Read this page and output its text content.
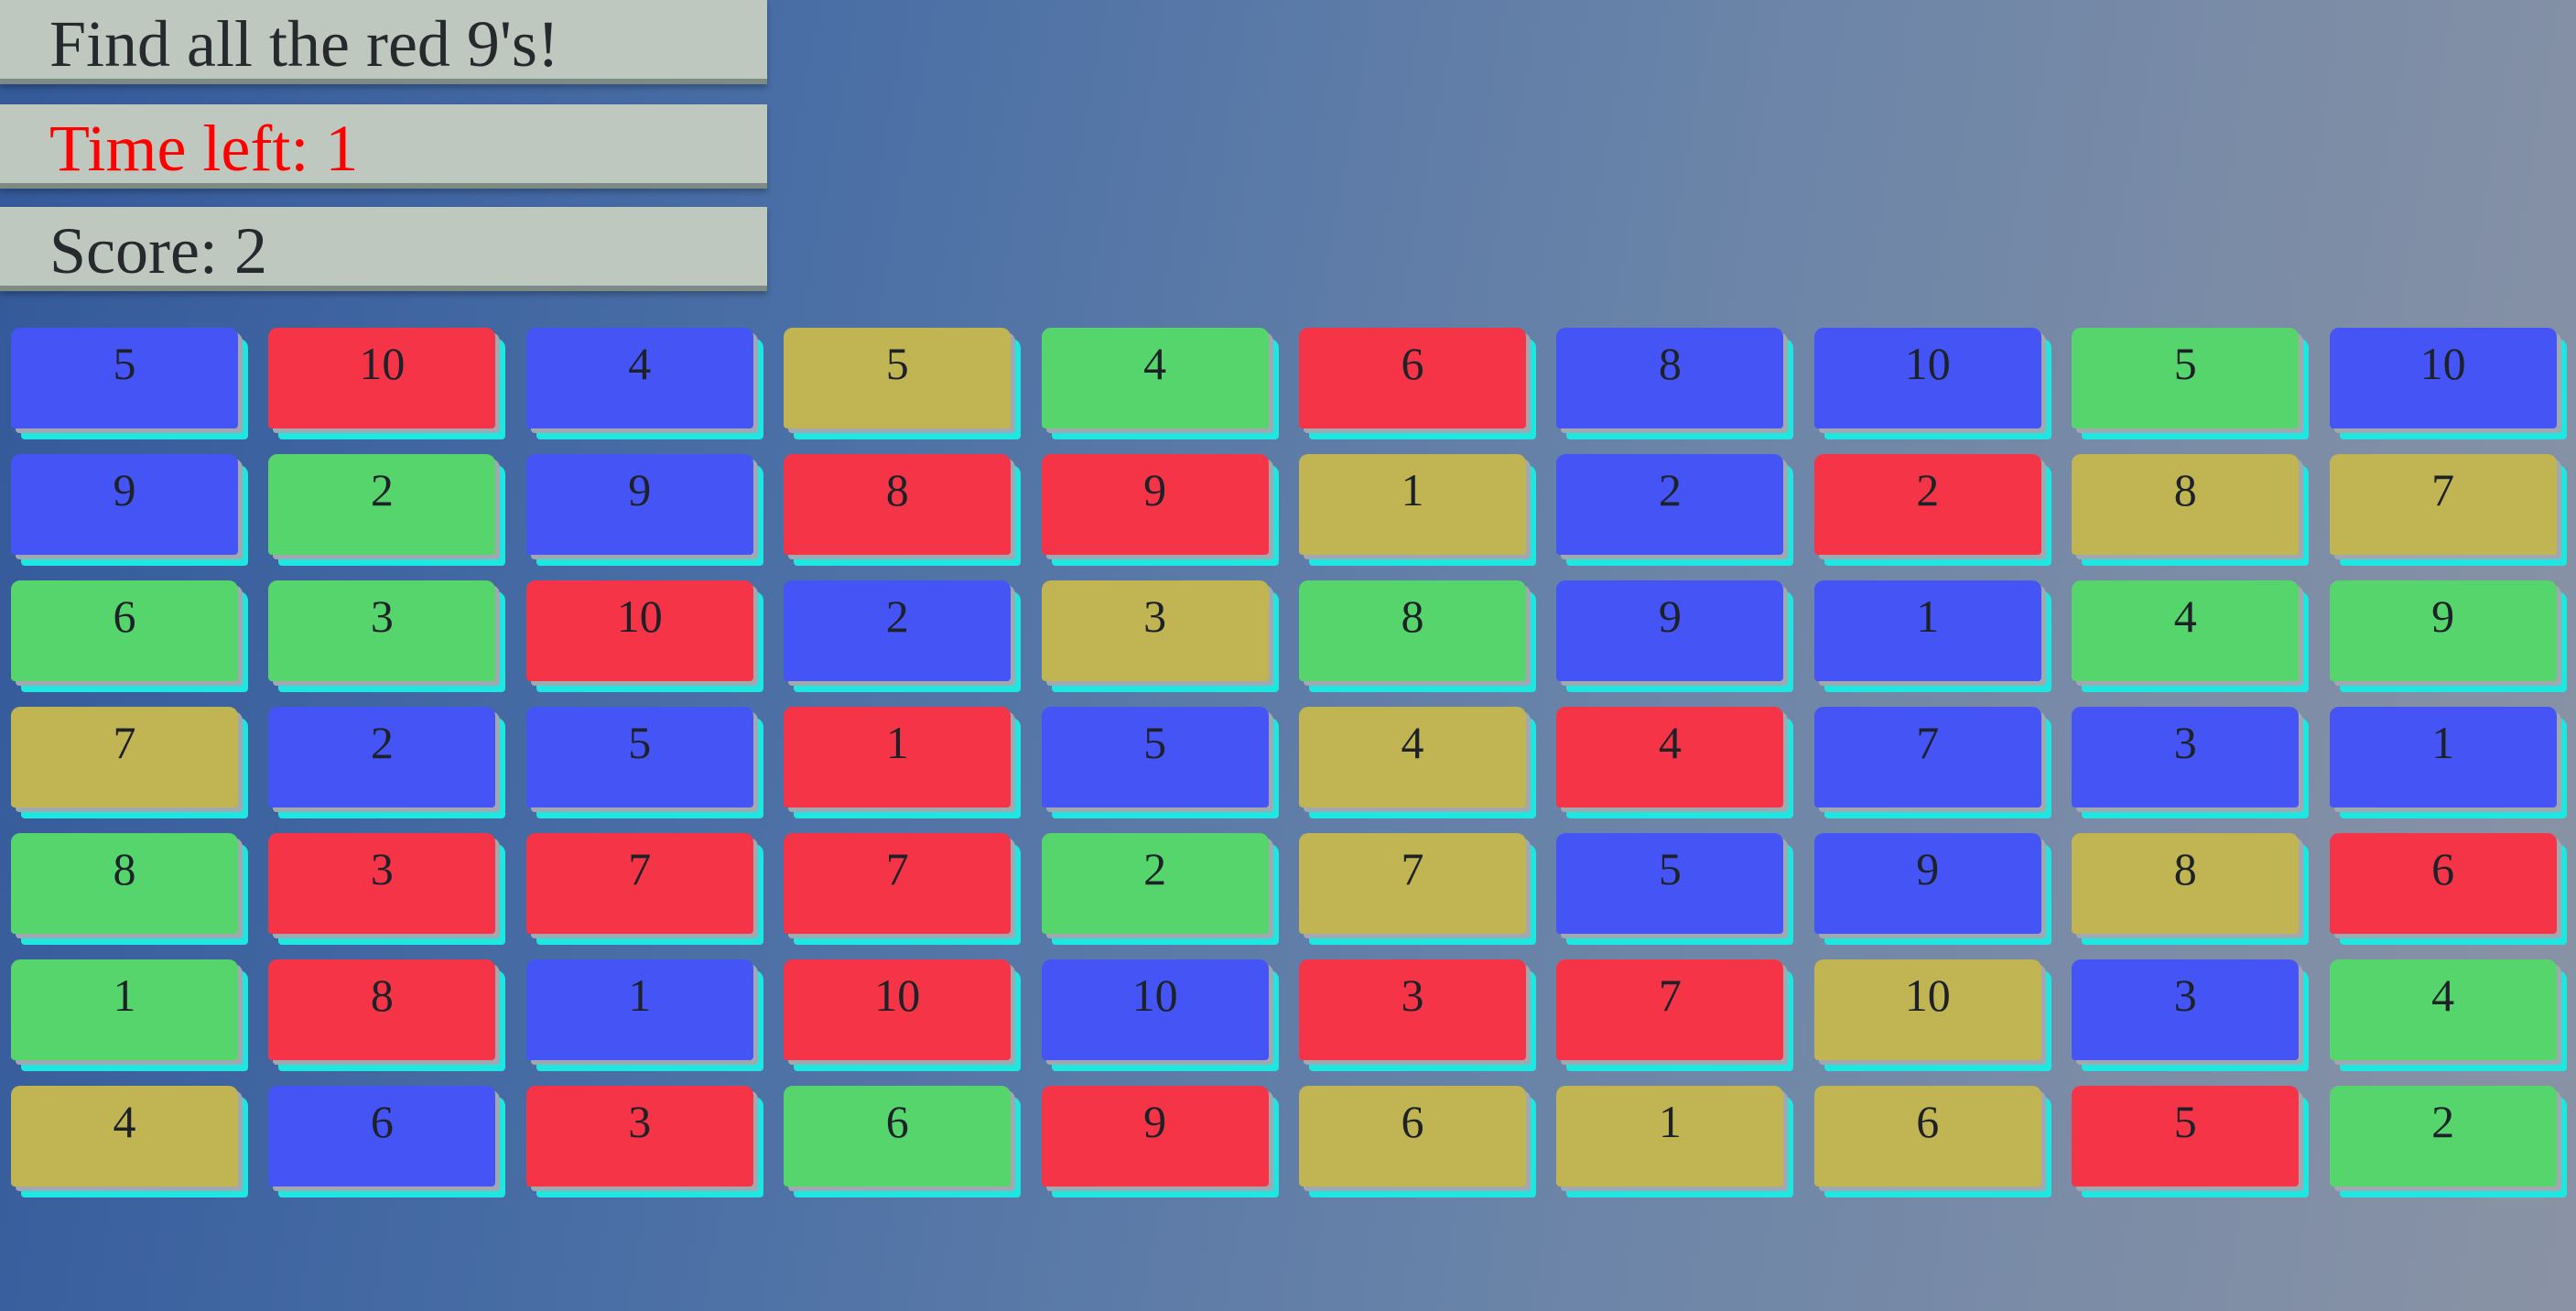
Find all the red 9's!
Time left: 1
Score: 2
5	10	4	5	4	6	8	10	5	10
9	2	9	8	9	1	2	2	8	7
6	3	10	2	3	8	9	1	4	9
7	2	5	1	5	4	4	7	3	1
8	3	7	7	2	7	5	9	8	6
1	8	1	10	10	3	7	10	3	4
4	6	3	6	9	6	1	6	5	2
